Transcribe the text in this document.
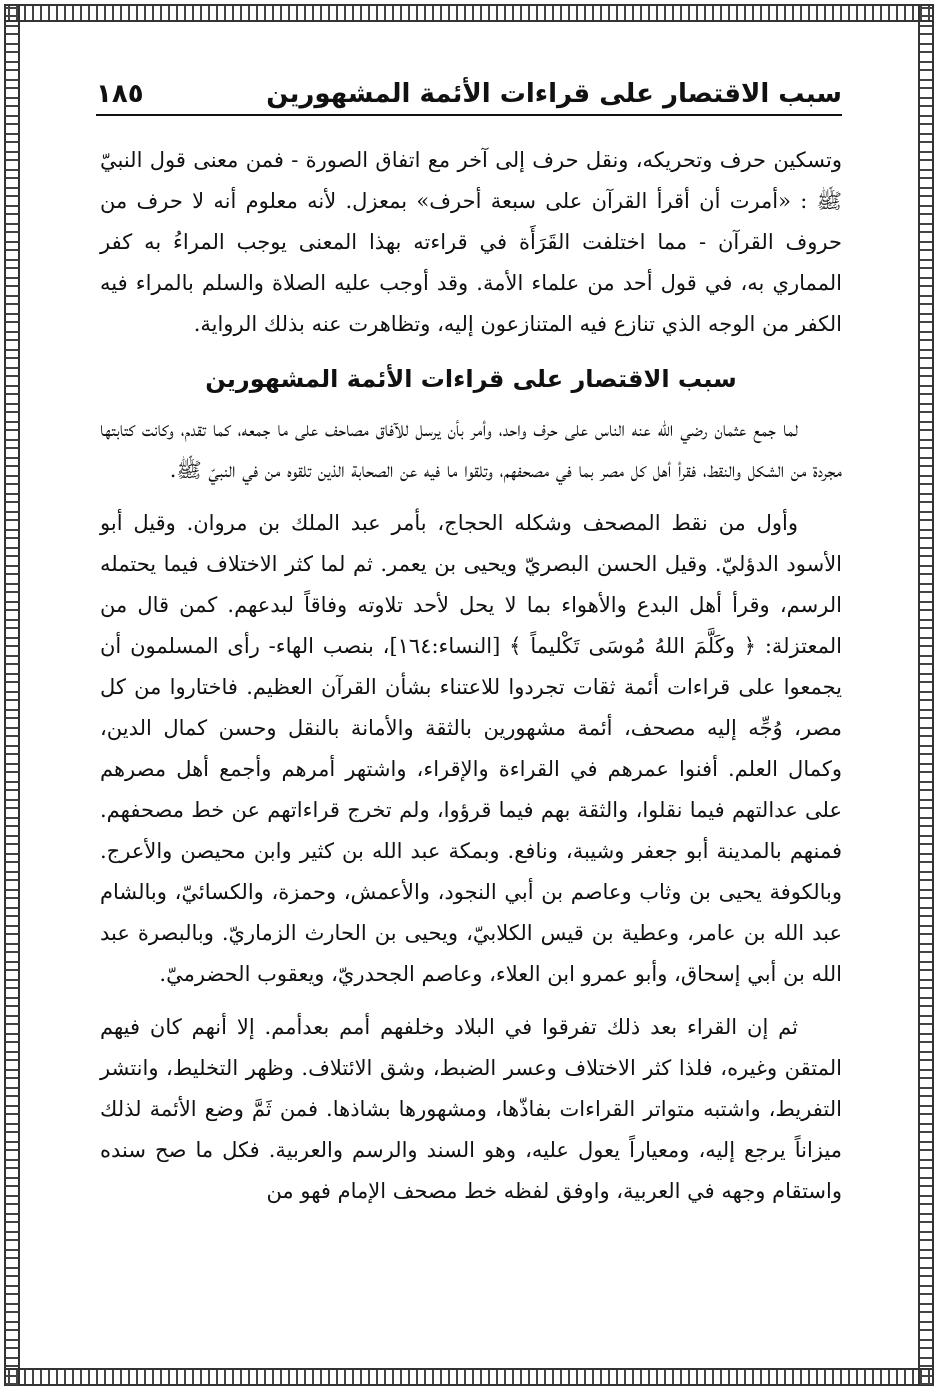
سبب الاقتصار على قراءات الأئمة المشهورين
١٨٥

وتسكين حرف وتحريكه، ونقل حرف إلى آخر مع اتفاق الصورة - فمن معنى قول النبيّ ﷺ : «أمرت أن أقرأ القرآن على سبعة أحرف» بمعزل. لأنه معلوم أنه لا حرف من حروف القرآن - مما اختلفت القَرَأَة في قراءته بهذا المعنى يوجب المراءُ به كفر المماري به، في قول أحد من علماء الأمة. وقد أوجب عليه الصلاة والسلم بالمراء فيه الكفر من الوجه الذي تنازع فيه المتنازعون إليه، وتظاهرت عنه بذلك الرواية.

سبب الاقتصار على قراءات الأئمة المشهورين

لما جمع عثمان رضي الله عنه الناس على حرف واحد، وأمر بأن يرسل للآفاق مصاحف على ما جمعه، كما تقدم، وكانت كتابتها مجردة من الشكل والنقط، فقرأ أهل كل مصر بما في مصحفهم، وتلقوا ما فيه عن الصحابة الذين تلقوه من في النبيّ ﷺ.

وأول من نقط المصحف وشكله الحجاج، بأمر عبد الملك بن مروان. وقيل أبو الأسود الدؤليّ. وقيل الحسن البصريّ ويحيى بن يعمر. ثم لما كثر الاختلاف فيما يحتمله الرسم، وقرأ أهل البدع والأهواء بما لا يحل لأحد تلاوته وفاقاً لبدعهم. كمن قال من المعتزلة: ﴿ وكَلَّمَ اللهُ مُوسَى تَكْليماً ﴾ [النساء:١٦٤]، بنصب الهاء- رأى المسلمون أن يجمعوا على قراءات أئمة ثقات تجردوا للاعتناء بشأن القرآن العظيم. فاختاروا من كل مصر، وُجِّه إليه مصحف، أئمة مشهورين بالثقة والأمانة بالنقل وحسن كمال الدين، وكمال العلم. أفنوا عمرهم في القراءة والإقراء، واشتهر أمرهم وأجمع أهل مصرهم على عدالتهم فيما نقلوا، والثقة بهم فيما قرؤوا، ولم تخرج قراءاتهم عن خط مصحفهم. فمنهم بالمدينة أبو جعفر وشيبة، ونافع. وبمكة عبد الله بن كثير وابن محيصن والأعرج. وبالكوفة يحيى بن وثاب وعاصم بن أبي النجود، والأعمش، وحمزة، والكسائيّ، وبالشام عبد الله بن عامر، وعطية بن قيس الكلابيّ، ويحيى بن الحارث الزماريّ. وبالبصرة عبد الله بن أبي إسحاق، وأبو عمرو ابن العلاء، وعاصم الجحدريّ، ويعقوب الحضرميّ.

ثم إن القراء بعد ذلك تفرقوا في البلاد وخلفهم أمم بعدأمم. إلا أنهم كان فيهم المتقن وغيره، فلذا كثر الاختلاف وعسر الضبط، وشق الائتلاف. وظهر التخليط، وانتشر التفريط، واشتبه متواتر القراءات بفاذّها، ومشهورها بشاذها. فمن ثَمَّ وضع الأئمة لذلك ميزاناً يرجع إليه، ومعياراً يعول عليه، وهو السند والرسم والعربية. فكل ما صح سنده واستقام وجهه في العربية، واوفق لفظه خط مصحف الإمام فهو من
